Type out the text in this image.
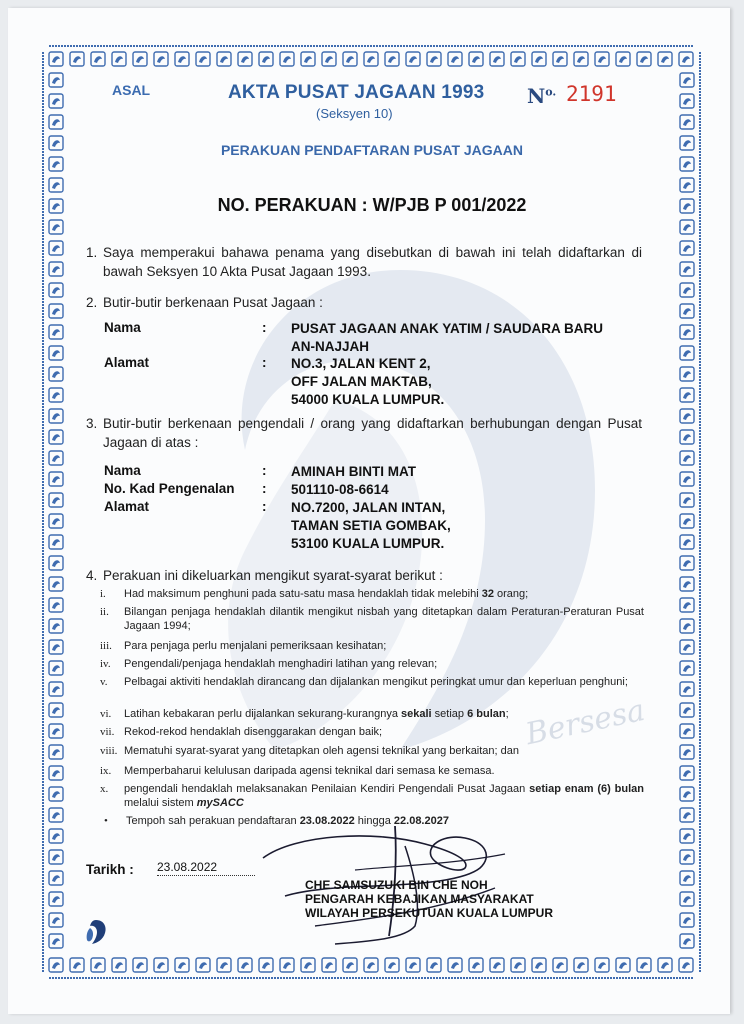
Bersesa
ASAL	AKTA PUSAT JAGAAN 1993
(Seksyen 10)
$N^{o.}$ 2191
PERAKUAN PENDAFTARAN PUSAT JAGAAN
NO. PERAKUAN : W/PJB P 001/2022
1. Saya memperakui bahawa penama yang disebutkan di bawah ini telah didaftarkan di bawah Seksyen 10 Akta Pusat Jagaan 1993.
2. Butir-butir berkenaan Pusat Jagaan :
Nama	: PUSAT JAGAAN ANAK YATIM / SAUDARA BARU
AN-NAJJAH
Alamat	: NO.3, JALAN KENT 2,
OFF JALAN MAKTAB,
54000 KUALA LUMPUR.
3. Butir-butir berkenaan pengendali / orang yang didaftarkan berhubungan dengan Pusat Jagaan di atas :
Nama	: AMINAH BINTI MAT
No. Kad Pengenalan : 501110-08-6614
Alamat	: NO.7200, JALAN INTAN,
TAMAN SETIA GOMBAK,
53100 KUALA LUMPUR.
4. Perakuan ini dikeluarkan mengikut syarat-syarat berikut :
i. Had maksimum penghuni pada satu-satu masa hendaklah tidak melebihi 32 orang;
ii. Bilangan penjaga hendaklah dilantik mengikut nisbah yang ditetapkan dalam Peraturan-Peraturan Pusat Jagaan 1994;
iii. Para penjaga perlu menjalani pemeriksaan kesihatan;
iv. Pengendali/penjaga hendaklah menghadiri latihan yang relevan;
v. Pelbagai aktiviti hendaklah dirancang dan dijalankan mengikut peringkat umur dan keperluan penghuni;
vi. Latihan kebakaran perlu dijalankan sekurang-kurangnya sekali setiap 6 bulan;
vii. Rekod-rekod hendaklah disenggarakan dengan baik;
viii. Mematuhi syarat-syarat yang ditetapkan oleh agensi teknikal yang berkaitan; dan
ix. Memperbaharui kelulusan daripada agensi teknikal dari semasa ke semasa.
x. pengendali hendaklah melaksanakan Penilaian Kendiri Pengendali Pusat Jagaan setiap enam (6) bulan melalui sistem mySACC
• Tempoh sah perakuan pendaftaran 23.08.2022 hingga 22.08.2027
Tarikh : 23.08.2022
CHE SAMSUZUKI BIN CHE NOH
PENGARAH KEBAJIKAN MASYARAKAT
WILAYAH PERSEKUTUAN KUALA LUMPUR
